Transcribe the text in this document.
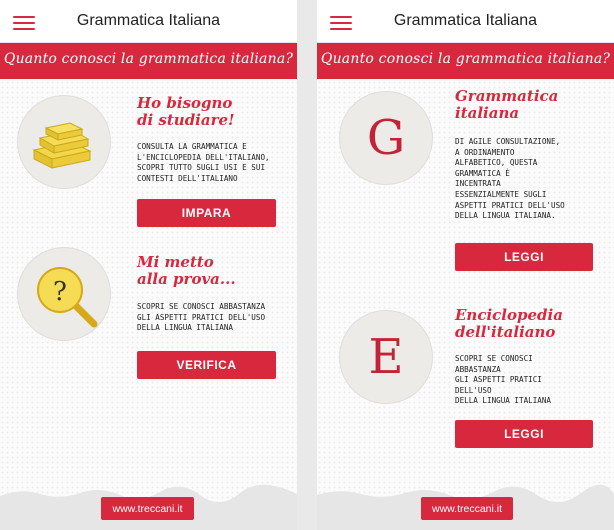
Grammatica Italiana
Quanto conosci la grammatica italiana?
Ho bisogno
di studiare!
CONSULTA LA GRAMMATICA E
L'ENCICLOPEDIA DELL'ITALIANO,
SCOPRI TUTTO SUGLI USI E SUI
CONTESTI DELL'ITALIANO
IMPARA
?
Mi metto
alla prova...
SCOPRI SE CONOSCI ABBASTANZA
GLI ASPETTI PRATICI DELL'USO
DELLA LINGUA ITALIANA
VERIFICA
www.treccani.it
Grammatica Italiana
Quanto conosci la grammatica italiana?
G
Grammatica
italiana
DI AGILE CONSULTAZIONE,
A ORDINAMENTO
ALFABETICO, QUESTA
GRAMMATICA È
INCENTRATA
ESSENZIALMENTE SUGLI
ASPETTI PRATICI DELL'USO
DELLA LINGUA ITALIANA.
LEGGI
E
Enciclopedia
dell'italiano
SCOPRI SE CONOSCI
ABBASTANZA
GLI ASPETTI PRATICI
DELL'USO
DELLA LINGUA ITALIANA
LEGGI
www.treccani.it
